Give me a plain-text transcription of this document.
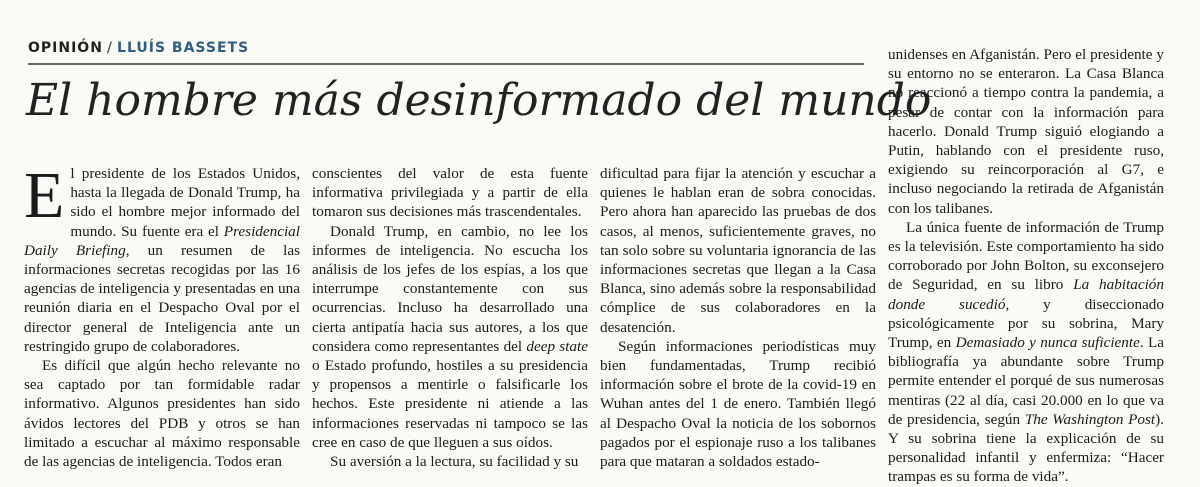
OPINIÓN / LLUÍS BASSETS
El hombre más desinformado del mundo

El presidente de los Estados Unidos, hasta la llegada de Donald Trump, ha sido el hombre mejor informado del mundo. Su fuente era el Presidencial Daily Briefing, un resumen de las informaciones secretas recogidas por las 16 agencias de inteligencia y presentadas en una reunión diaria en el Despacho Oval por el director general de Inteligencia ante un restringido grupo de colaboradores.

Es difícil que algún hecho relevante no sea captado por tan formidable radar informativo. Algunos presidentes han sido ávidos lectores del PDB y otros se han limitado a escuchar al máximo responsable de las agencias de inteligencia. Todos eran

conscientes del valor de esta fuente informativa privilegiada y a partir de ella tomaron sus decisiones más trascendentales.

Donald Trump, en cambio, no lee los informes de inteligencia. No escucha los análisis de los jefes de los espías, a los que interrumpe constantemente con sus ocurrencias. Incluso ha desarrollado una cierta antipatía hacia sus autores, a los que considera como representantes del deep state o Estado profundo, hostiles a su presidencia y propensos a mentirle o falsificarle los hechos. Este presidente ni atiende a las informaciones reservadas ni tampoco se las cree en caso de que lleguen a sus oídos.

Su aversión a la lectura, su facilidad y su

dificultad para fijar la atención y escuchar a quienes le hablan eran de sobra conocidas. Pero ahora han aparecido las pruebas de dos casos, al menos, suficientemente graves, no tan solo sobre su voluntaria ignorancia de las informaciones secretas que llegan a la Casa Blanca, sino además sobre la responsabilidad cómplice de sus colaboradores en la desatención.

Según informaciones periodísticas muy bien fundamentadas, Trump recibió información sobre el brote de la covid-19 en Wuhan antes del 1 de enero. También llegó al Despacho Oval la noticia de los sobornos pagados por el espionaje ruso a los talibanes para que mataran a soldados estado-

unidenses en Afganistán. Pero el presidente y su entorno no se enteraron. La Casa Blanca no reaccionó a tiempo contra la pandemia, a pesar de contar con la información para hacerlo. Donald Trump siguió elogiando a Putin, hablando con el presidente ruso, exigiendo su reincorporación al G7, e incluso negociando la retirada de Afganistán con los talibanes.

La única fuente de información de Trump es la televisión. Este comportamiento ha sido corroborado por John Bolton, su exconsejero de Seguridad, en su libro La habitación donde sucedió, y diseccionado psicológicamente por su sobrina, Mary Trump, en Demasiado y nunca suficiente. La bibliografía ya abundante sobre Trump permite entender el porqué de sus numerosas mentiras (22 al día, casi 20.000 en lo que va de presidencia, según The Washington Post). Y su sobrina tiene la explicación de su personalidad infantil y enfermiza: “Hacer trampas es su forma de vida”.
